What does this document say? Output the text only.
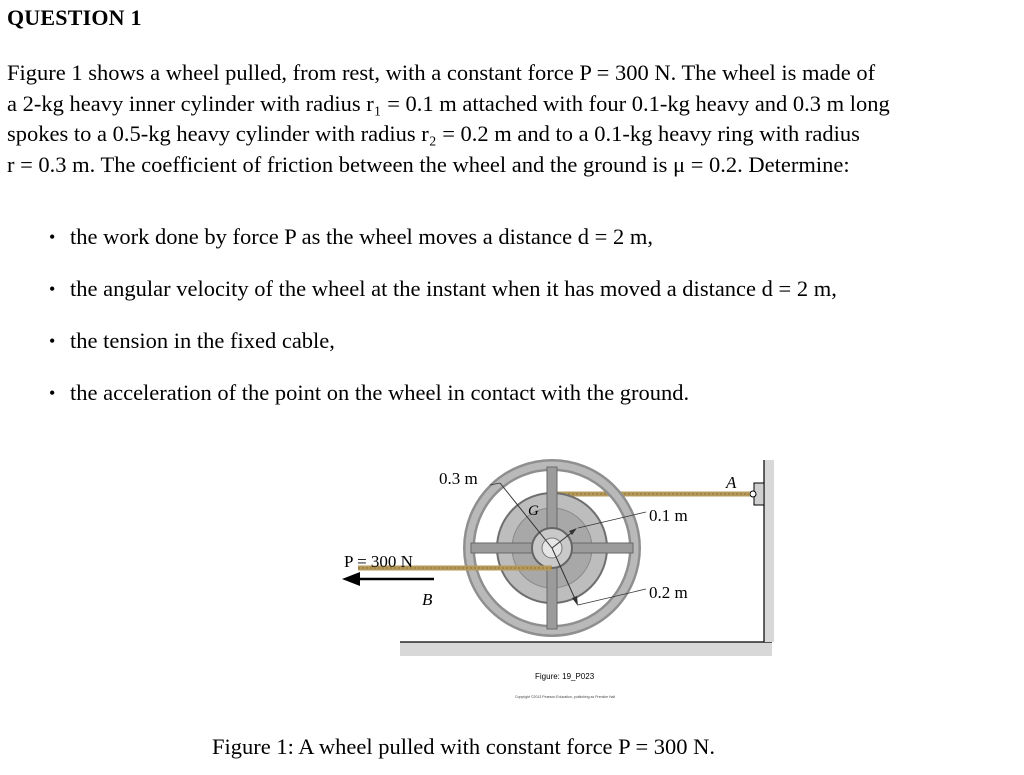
QUESTION 1
Figure 1 shows a wheel pulled, from rest, with a constant force P = 300 N. The wheel is made of
a 2-kg heavy inner cylinder with radius r₁ = 0.1 m attached with four 0.1-kg heavy and 0.3 m long
spokes to a 0.5-kg heavy cylinder with radius r₂ = 0.2 m and to a 0.1-kg heavy ring with radius
r = 0.3 m. The coefficient of friction between the wheel and the ground is μ = 0.2. Determine:
• the work done by force P as the wheel moves a distance d = 2 m,
• the angular velocity of the wheel at the instant when it has moved a distance d = 2 m,
• the tension in the fixed cable,
• the acceleration of the point on the wheel in contact with the ground.
0.3 m
0.1 m
0.2 m
P = 300 N
B
A
G
Figure: 19_P023
Copyright ©2013 Pearson Education, publishing as Prentice Hall
Figure 1: A wheel pulled with constant force P = 300 N.
